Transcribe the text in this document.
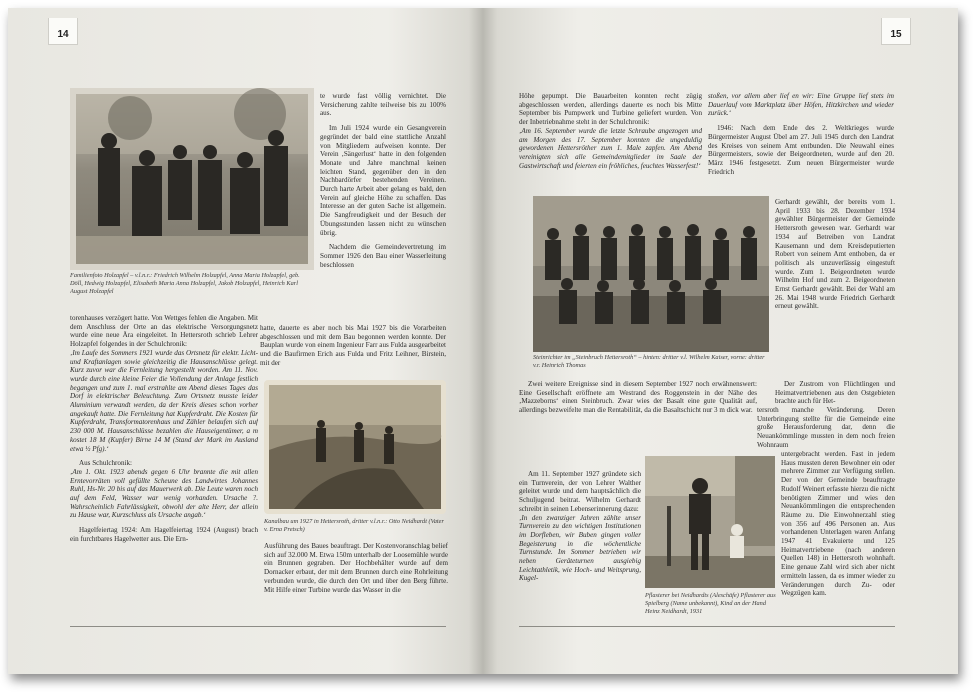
14
Familienfoto Holzapfel – v.l.n.r.: Friedrich Wilhelm Holzapfel, Anna Maria Holzapfel, geb. Döll, Hedwig Holzapfel, Elisabeth Maria Anna Holzapfel, Jakob Holzapfel, Heinrich Karl August Holzapfel

torenhauses verzögert hatte. Von Wettges fehlen die Angaben. Mit dem Anschluss der Orte an das elektrische Versorgungsnetz wurde eine neue Ära eingeleitet. In Hettersroth schrieb Lehrer Holzapfel folgendes in der Schulchronik:

‚Im Laufe des Sommers 1921 wurde das Ortsnetz für elektr. Licht- und Kraftanlagen sowie gleichzeitig die Hausanschlüsse gelegt. Kurz zuvor war die Fernleitung hergestellt worden. Am 11. Nov. wurde durch eine kleine Feier die Vollendung der Anlage festlich begangen und zum 1. mal erstrahlte am Abend dieses Tages das Dorf in elektrischer Beleuchtung. Zum Ortsnetz musste leider Aluminium verwandt werden, da der Kreis dieses schon vorher angekauft hatte. Die Fernleitung hat Kupferdraht. Die Kosten für Kupferdraht, Transformatorenhaus und Zähler belaufen sich auf 230 000 M. Hausanschlüsse bezahlen die Hauseigentümer, a m kostet 18 M (Kupfer) Birne 14 M (Stand der Mark im Ausland etwa ½ Pfg).‘

Aus Schulchronik:

‚Am 1. Okt. 1923 abends gegen 6 Uhr brannte die mit allen Erntevorräten voll gefüllte Scheune des Landwirtes Johannes Ruhl, Hs-Nr. 20 bis auf das Mauerwerk ab. Die Leute waren noch auf dem Feld, Wasser war wenig vorhanden. Ursache ?. Wahrscheinlich Fahrlässigkeit, obwohl der alte Herr, der allein zu Hause war, Kurzschluss als Ursache angab.‘

Hagelfeiertag 1924: Am Hagelfeiertag 1924 (August) brach ein furchtbares Hagelwetter aus. Die Ern-

te wurde fast völlig vernichtet. Die Versicherung zahlte teilweise bis zu 100% aus.

Im Juli 1924 wurde ein Gesangverein gegründet der bald eine stattliche Anzahl von Mitgliedern aufweisen konnte. Der Verein ‚Sängerlust‘ hatte in den folgenden Monate und Jahre manchmal keinen leichten Stand, gegenüber den in den Nachbardörfer bestehenden Vereinen. Durch harte Arbeit aber gelang es bald, den Verein auf gleiche Höhe zu schaffen. Das Interesse an der guten Sache ist allgemein. Die Sangfreudigkeit und der Besuch der Übungsstunden lassen nicht zu wünschen übrig.

Nachdem die Gemeindevertretung im Sommer 1926 den Bau einer Wasserleitung beschlossen

hatte, dauerte es aber noch bis Mai 1927 bis die Vorarbeiten abgeschlossen und mit dem Bau begonnen werden konnte. Der Bauplan wurde von einem Ingenieur Farr aus Fulda ausgearbeitet und die Baufirmen Erich aus Fulda und Fritz Leihner, Birstein, mit der

Kanalbau um 1927 in Hettersroth, dritter v.l.n.r.: Otto Neidhardt (Vater v. Erna Pretsch)

Ausführung des Baues beauftragt. Der Kostenvoranschlag belief sich auf 32.000 M. Etwa 150m unterhalb der Loosemühle wurde ein Brunnen gegraben. Der Hochbehälter wurde auf dem Dornacker erbaut, der mit dem Brunnen durch eine Rohrleitung verbunden wurde, die durch den Ort und über den Berg führte. Mit Hilfe einer Turbine wurde das Wasser in die

15

Höhe gepumpt. Die Bauarbeiten konnten recht zügig abgeschlossen werden, allerdings dauerte es noch bis Mitte September bis Pumpwerk und Turbine geliefert wurden. Von der Inbetriebnahme steht in der Schulchronik:

‚Am 16. September wurde die letzte Schraube angezogen und am Morgen des 17. September konnten die ungeduldig gewordenen Hettersröther zum 1. Male zapfen. Am Abend vereinigten sich alle Gemeindemitglieder im Saale der Gastwirtschaft und feierten ein fröhliches, feuchtes Wasserfest!‘

stoßen, vor allem aber lief en wir: Eine Gruppe lief stets im Dauerlauf vom Marktplatz über Höfen, Hitzkirchen und wieder zurück.‘

1946: Nach dem Ende des 2. Weltkrieges wurde Bürgermeister August Übel am 27. Juli 1945 durch den Landrat des Kreises von seinem Amt entbunden. Die Neuwahl eines Bürgermeisters, sowie der Beigeordneten, wurde auf den 20. März 1946 festgesetzt. Zum neuen Bürgermeister wurde Friedrich

Gerhardt gewählt, der bereits vom 1. April 1933 bis 28. Dezember 1934 gewählter Bürgermeister der Gemeinde Hettersroth gewesen war. Gerhardt war 1934 auf Betreiben von Landrat Kausemann und dem Kreisdeputierten Robert von seinem Amt enthoben, da er politisch als unzuverlässig eingestuft wurde. Zum 1. Beigeordneten wurde Wilhelm Hof und zum 2. Beigeordneten Ernst Gerhardt gewählt. Bei der Wahl am 26. Mai 1948 wurde Friedrich Gerhardt erneut gewählt.

Steinrichter im „Steinbruch Hettersroth“ – hinten: dritter v.l. Wilhelm Kaiser, vorne: dritter v.r. Heinrich Thomas

Der Zustrom von Flüchtlingen und Heimatvertriebenen aus den Ostgebieten brachte auch für Het-

Zwei weitere Ereignisse sind in diesem September 1927 noch erwähnenswert: Eine Gesellschaft eröffnete am Westrand des Roggenstein in der Nähe des ‚Mazzeborns‘ einen Steinbruch. Zwar wies der Basalt eine gute Qualität auf, allerdings bezweifelte man die Rentabilität, da die Basaltschicht nur 3 m dick war. tersroth manche Veränderung. Deren Unterbringung stellte für die Gemeinde eine große Herausforderung dar, denn die Neuankömmlinge mussten in dem noch freien Wohnraum

Am 11. September 1927 gründete sich ein Turnverein, der von Lehrer Walther geleitet wurde und dem hauptsächlich die Schuljugend beitrat. Wilhelm Gerhardt schreibt in seinen Lebenserinnerung dazu:

‚In den zwanziger Jahren zählte unser Turnverein zu den wichtigen Institutionen im Dorfleben, wir Buben gingen voller Begeisterung in die wöchentliche Turnstunde. Im Sommer betrieben wir neben Geräteturnen ausgiebig Leichtathletik, wie Hoch- und Weitsprung, Kugel-

Pflasterer bei Neidhardts (Aleschäfe) Pflasterer aus Spielberg (Name unbekannt), Kind an der Hand Heinz Neidhardt, 1931

untergebracht werden. Fast in jedem Haus mussten deren Bewohner ein oder mehrere Zimmer zur Verfügung stellen. Der von der Gemeinde beauftragte Rudolf Weinert erfasste hierzu die nicht benötigten Zimmer und wies den Neuankömmlingen die entsprechenden Räume zu. Die Einwohnerzahl stieg von 356 auf 496 Personen an. Aus vorhandenen Unterlagen waren Anfang 1947 41 Evakuierte und 125 Heimatvertriebene (nach anderen Quellen 148) in Hettersroth wohnhaft. Eine genaue Zahl wird sich aber nicht ermitteln lassen, da es immer wieder zu Veränderungen durch Zu- oder Wegzügen kam.
